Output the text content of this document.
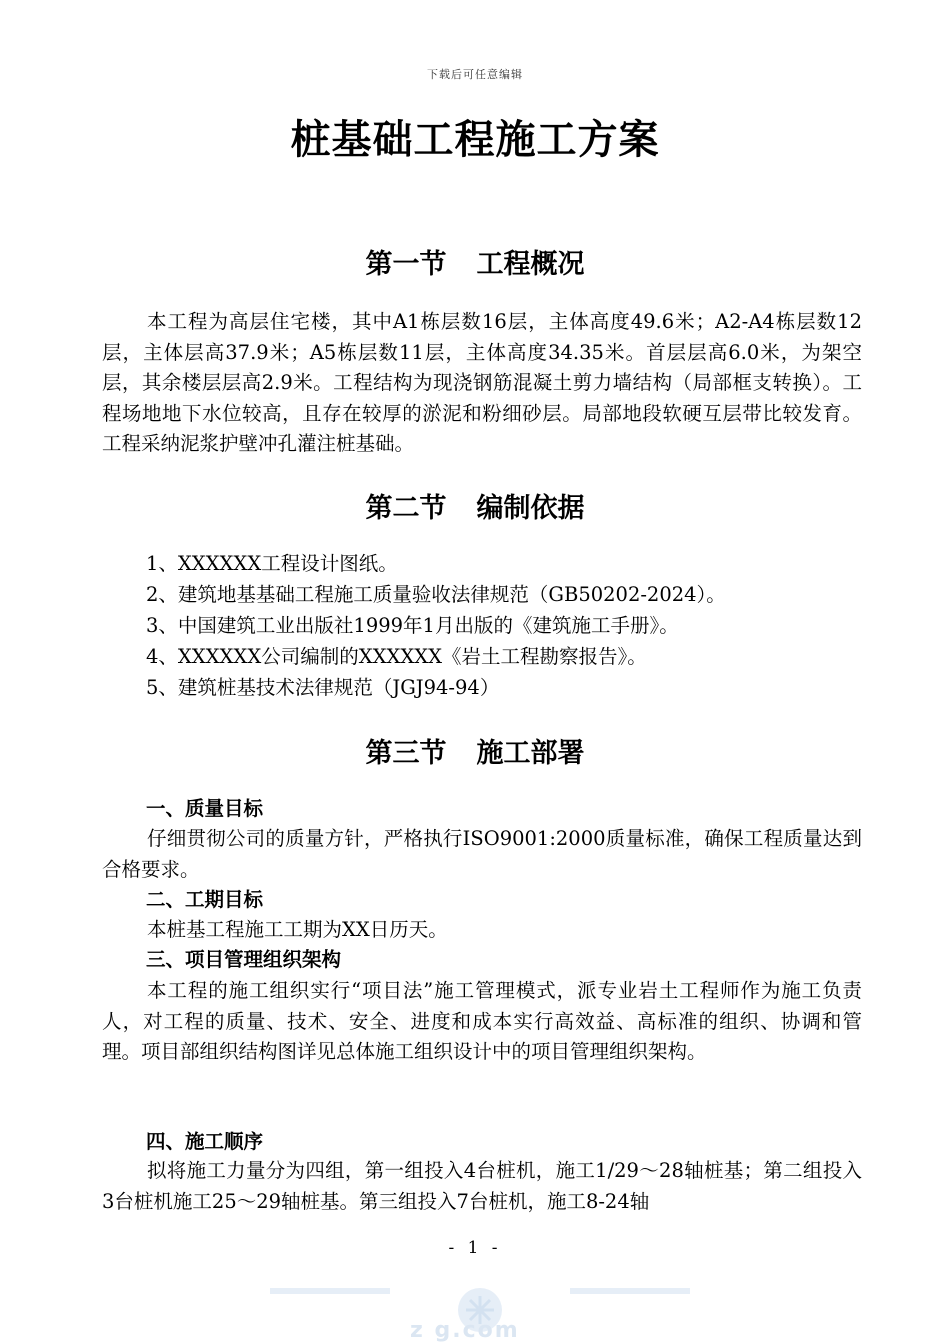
下载后可任意编辑
桩基础工程施工方案
第一节 工程概况

本工程为高层住宅楼，其中A1栋层数16层，主体高度49.6米；A2-A4栋层数12层，主体层高37.9米；A5栋层数11层，主体高度34.35米。首层层高6.0米，为架空层，其余楼层层高2.9米。工程结构为现浇钢筋混凝土剪力墙结构（局部框支转换）。工程场地地下水位较高，且存在较厚的淤泥和粉细砂层。局部地段软硬互层带比较发育。工程采纳泥浆护壁冲孔灌注桩基础。

第二节 编制依据

1、XXXXXX工程设计图纸。

2、建筑地基基础工程施工质量验收法律规范（GB50202-2024）。

3、中国建筑工业出版社1999年1月出版的《建筑施工手册》。

4、XXXXXX公司编制的XXXXXX《岩土工程勘察报告》。

5、建筑桩基技术法律规范（JGJ94-94）

第三节 施工部署

一、质量目标

仔细贯彻公司的质量方针，严格执行ISO9001:2000质量标准，确保工程质量达到合格要求。

二、工期目标

本桩基工程施工工期为XX日历天。

三、项目管理组织架构

本工程的施工组织实行“项目法”施工管理模式，派专业岩土工程师作为施工负责人，对工程的质量、技术、安全、进度和成本实行高效益、高标准的组织、协调和管理。项目部组织结构图详见总体施工组织设计中的项目管理组织架构。

四、施工顺序

拟将施工力量分为四组，第一组投入4台桩机，施工1/29～28轴桩基；第二组投入3台桩机施工25～29轴桩基。第三组投入7台桩机，施工8-24轴

- 1 -
z g.com
